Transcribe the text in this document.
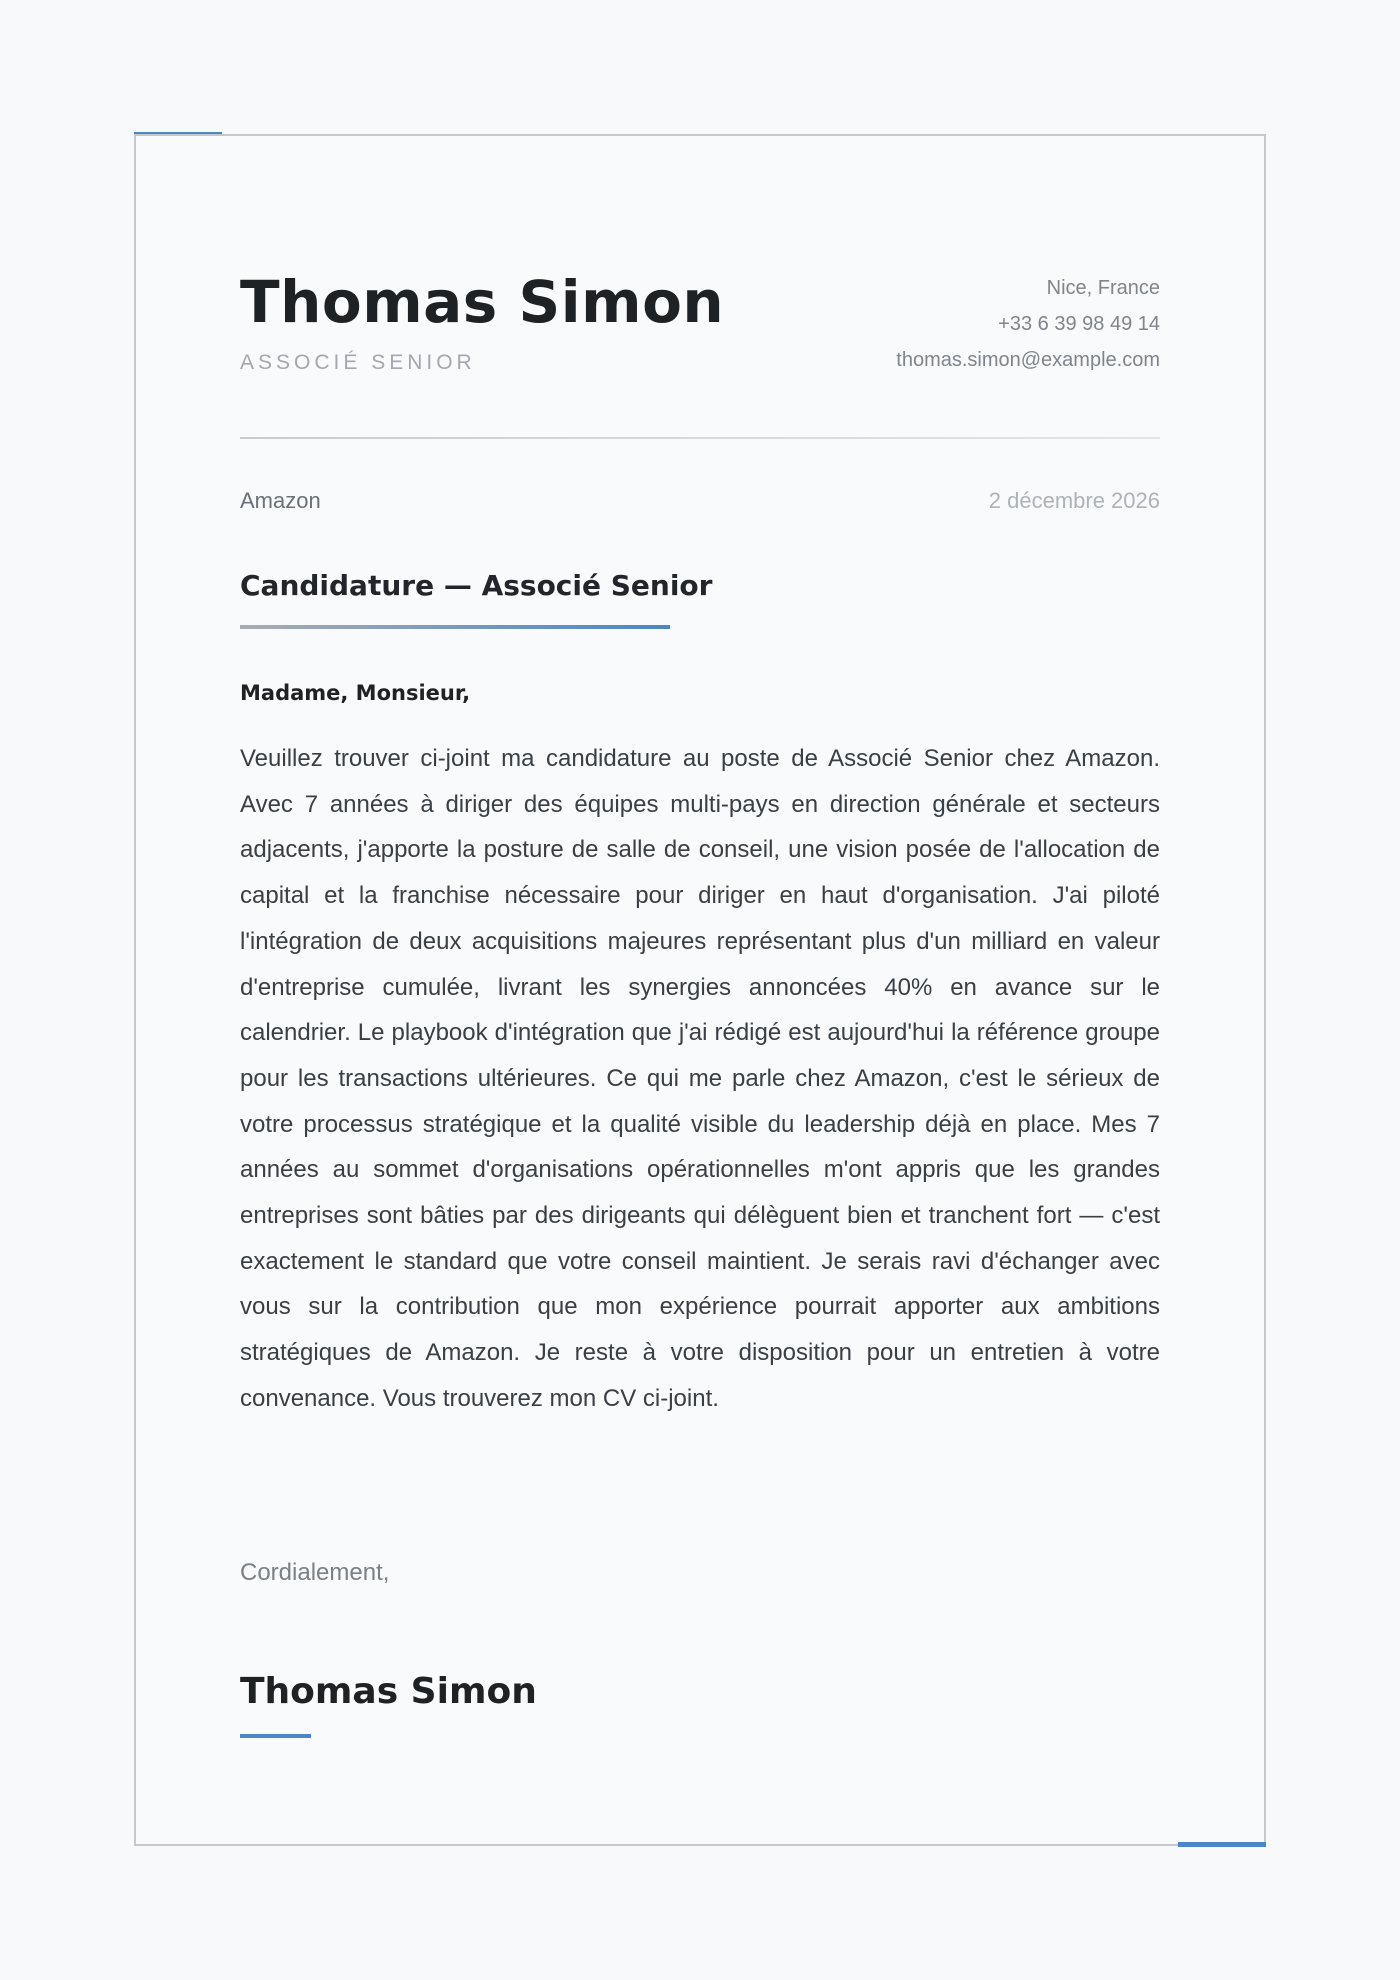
Thomas Simon
ASSOCIÉ SENIOR
Nice, France
+33 6 39 98 49 14
thomas.simon@example.com
Amazon	2 décembre 2026
Candidature — Associé Senior
Madame, Monsieur,

Veuillez trouver ci-joint ma candidature au poste de Associé Senior chez Amazon. Avec 7 années à diriger des équipes multi-pays en direction générale et secteurs adjacents, j'apporte la posture de salle de conseil, une vision posée de l'allocation de capital et la franchise nécessaire pour diriger en haut d'organisation. J'ai piloté l'intégration de deux acquisitions majeures représentant plus d'un milliard en valeur d'entreprise cumulée, livrant les synergies annoncées 40% en avance sur le calendrier. Le playbook d'intégration que j'ai rédigé est aujourd'hui la référence groupe pour les transactions ultérieures. Ce qui me parle chez Amazon, c'est le sérieux de votre processus stratégique et la qualité visible du leadership déjà en place. Mes 7 années au sommet d'organisations opérationnelles m'ont appris que les grandes entreprises sont bâties par des dirigeants qui délèguent bien et tranchent fort — c'est exactement le standard que votre conseil maintient. Je serais ravi d'échanger avec vous sur la contribution que mon expérience pourrait apporter aux ambitions stratégiques de Amazon. Je reste à votre disposition pour un entretien à votre convenance. Vous trouverez mon CV ci-joint.

Cordialement,
Thomas Simon
